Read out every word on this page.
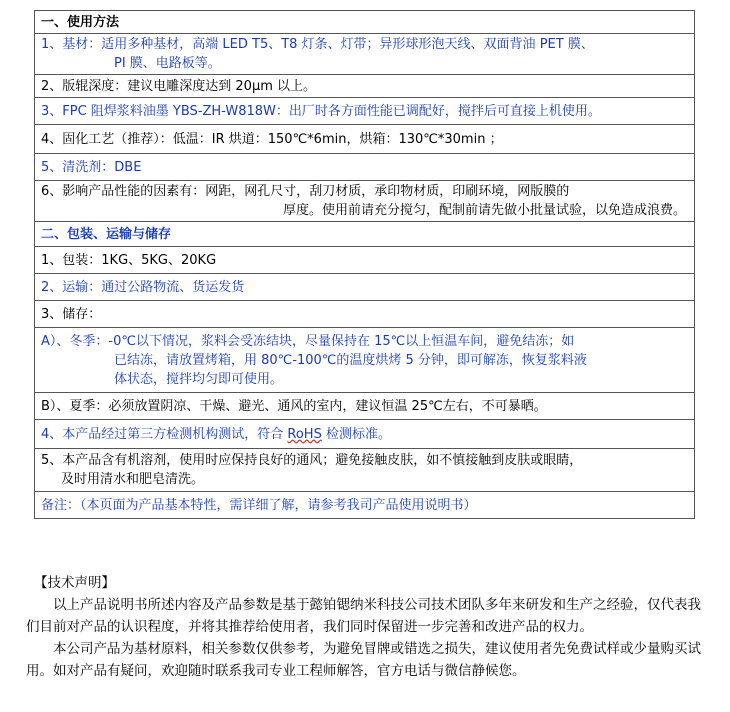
一、使用方法

1、基材：适用多种基材，高端 LED T5、T8 灯条、灯带；异形球形泡天线、双面背油 PET 膜、
PI 膜、电路板等。

2、版辊深度：建议电雕深度达到 20μm 以上。
3、FPC 阻焊浆料油墨 YBS-ZH-W818W：出厂时各方面性能已调配好，搅拌后可直接上机使用。
4、固化工艺（推荐）：低温：IR 烘道：150℃*6min，烘箱：130℃*30min ；
5、清洗剂：DBE

6、影响产品性能的因素有：网距，网孔尺寸，刮刀材质，承印物材质，印刷环境，网版膜的
厚度。使用前请充分搅匀，配制前请先做小批量试验，以免造成浪费。

二、包装、运输与储存
1、包装：1KG、5KG、20KG
2、运输：通过公路物流、货运发货
3、储存：

A）、冬季：-0℃以下情况，浆料会受冻结块，尽量保持在 15℃以上恒温车间，避免结冻；如
已结冻，请放置烤箱，用 80℃-100℃的温度烘烤 5 分钟，即可解冻，恢复浆料液
体状态，搅拌均匀即可使用。

B）、夏季：必须放置阴凉、干燥、避光、通风的室内，建议恒温 25℃左右，不可暴晒。
4、本产品经过第三方检测机构测试，符合 RoHS 检测标准。

5、本产品含有机溶剂，使用时应保持良好的通风；避免接触皮肤，如不慎接触到皮肤或眼睛，
及时用清水和肥皂清洗。

备注：（本页面为产品基本特性，需详细了解，请参考我司产品使用说明书）

【技术声明】

以上产品说明书所述内容及产品参数是基于懿铂锶纳米科技公司技术团队多年来研发和生产之经验，仅代表我们目前对产品的认识程度，并将其推荐给使用者，我们同时保留进一步完善和改进产品的权力。

本公司产品为基材原料，相关参数仅供参考，为避免冒牌或错选之损失，建议使用者先免费试样或少量购买试用。如对产品有疑问，欢迎随时联系我司专业工程师解答，官方电话与微信静候您。
